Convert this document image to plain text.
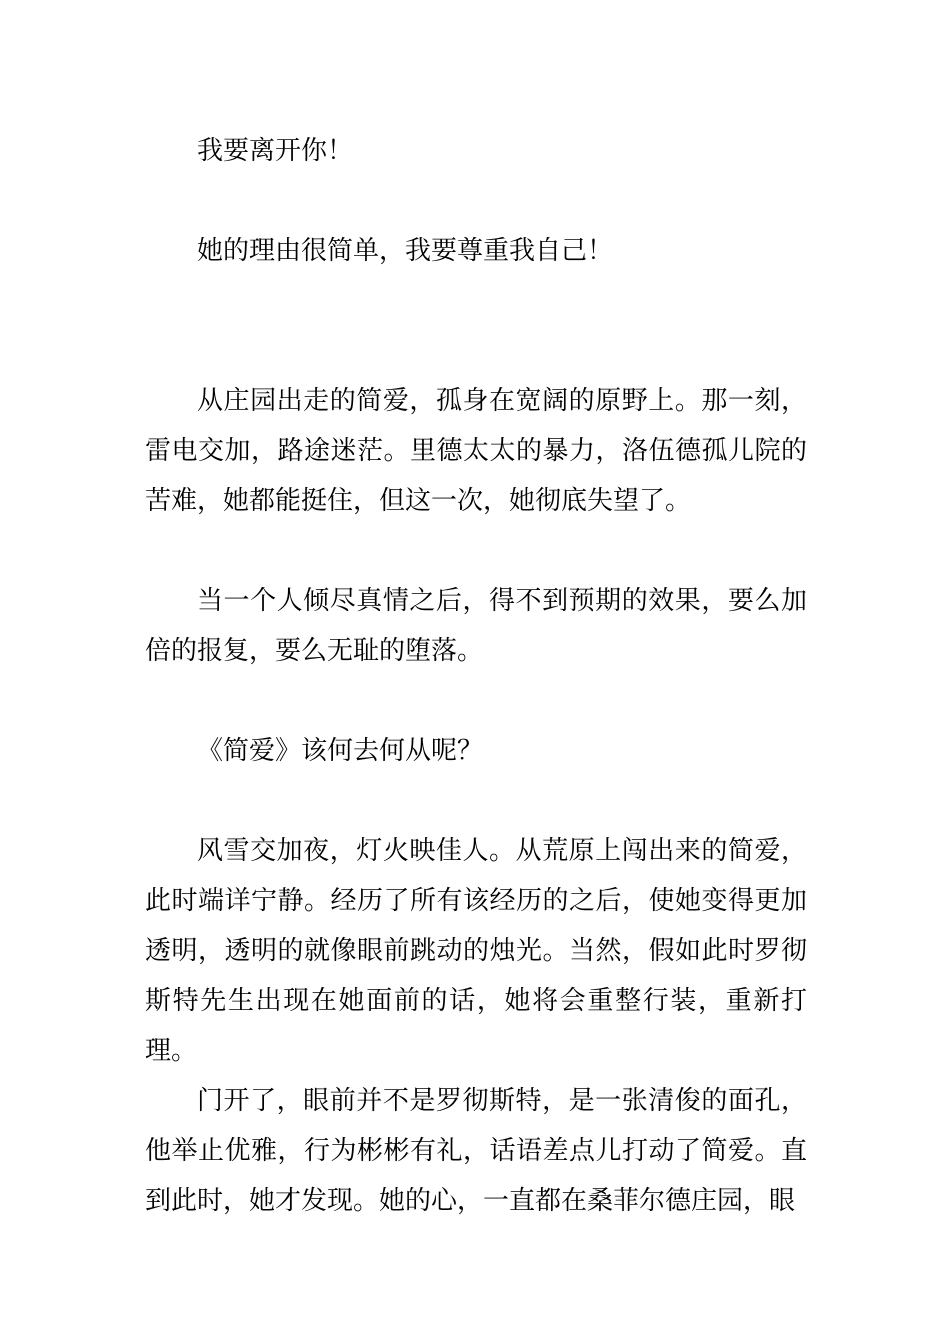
我要离开你！

她的理由很简单，我要尊重我自己！

从庄园出走的简爱，孤身在宽阔的原野上。那一刻，雷电交加，路途迷茫。里德太太的暴力，洛伍德孤儿院的苦难，她都能挺住，但这一次，她彻底失望了。

当一个人倾尽真情之后，得不到预期的效果，要么加倍的报复，要么无耻的堕落。

《简爱》该何去何从呢？

风雪交加夜，灯火映佳人。从荒原上闯出来的简爱，此时端详宁静。经历了所有该经历的之后，使她变得更加透明，透明的就像眼前跳动的烛光。当然，假如此时罗彻斯特先生出现在她面前的话，她将会重整行装，重新打理。

门开了，眼前并不是罗彻斯特，是一张清俊的面孔，他举止优雅，行为彬彬有礼，话语差点儿打动了简爱。直到此时，她才发现。她的心，一直都在桑菲尔德庄园，眼
